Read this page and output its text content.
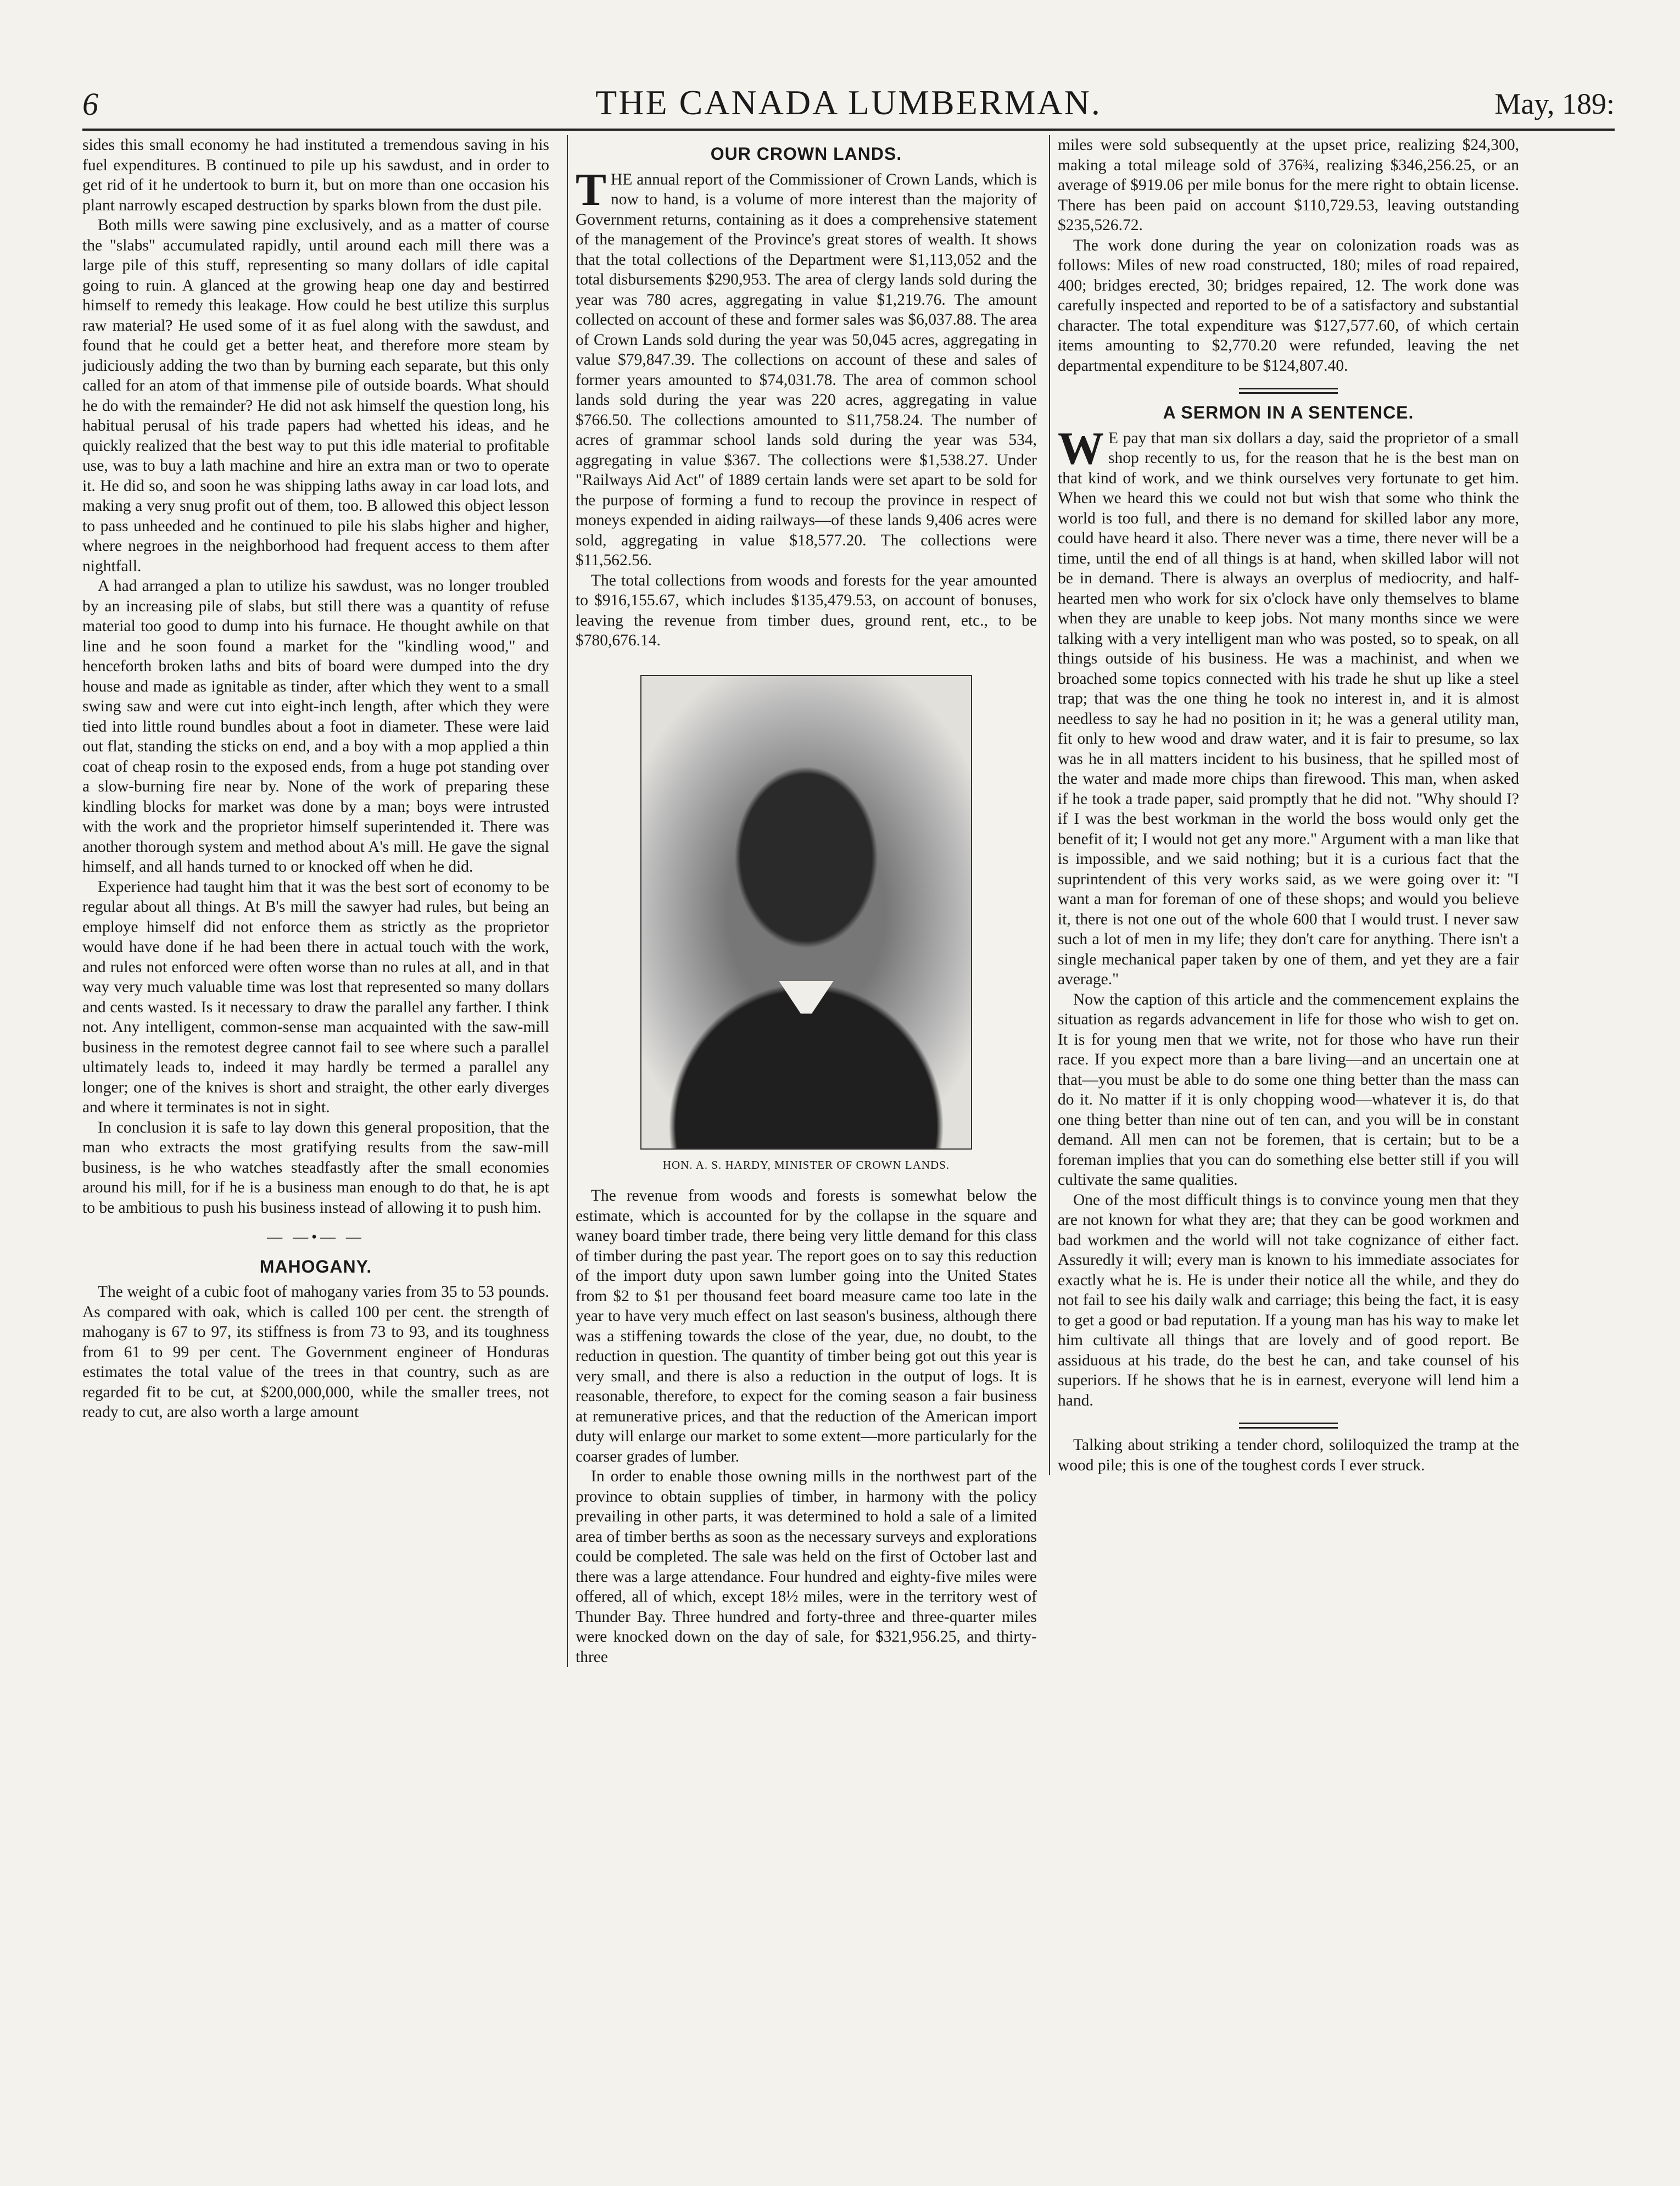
6	THE CANADA LUMBERMAN.	May, 189:

sides this small economy he had instituted a tremendous saving in his fuel expenditures. B continued to pile up his sawdust, and in order to get rid of it he undertook to burn it, but on more than one occasion his plant narrowly escaped destruction by sparks blown from the dust pile.

Both mills were sawing pine exclusively, and as a matter of course the "slabs" accumulated rapidly, until around each mill there was a large pile of this stuff, representing so many dollars of idle capital going to ruin. A glanced at the growing heap one day and bestirred himself to remedy this leakage. How could he best utilize this surplus raw material? He used some of it as fuel along with the sawdust, and found that he could get a better heat, and therefore more steam by judiciously adding the two than by burning each separate, but this only called for an atom of that immense pile of outside boards. What should he do with the remainder? He did not ask himself the question long, his habitual perusal of his trade papers had whetted his ideas, and he quickly realized that the best way to put this idle material to profitable use, was to buy a lath machine and hire an extra man or two to operate it. He did so, and soon he was shipping laths away in car load lots, and making a very snug profit out of them, too. B allowed this object lesson to pass unheeded and he continued to pile his slabs higher and higher, where negroes in the neighborhood had frequent access to them after nightfall.

A had arranged a plan to utilize his sawdust, was no longer troubled by an increasing pile of slabs, but still there was a quantity of refuse material too good to dump into his furnace. He thought awhile on that line and he soon found a market for the "kindling wood," and henceforth broken laths and bits of board were dumped into the dry house and made as ignitable as tinder, after which they went to a small swing saw and were cut into eight-inch length, after which they were tied into little round bundles about a foot in diameter. These were laid out flat, standing the sticks on end, and a boy with a mop applied a thin coat of cheap rosin to the exposed ends, from a huge pot standing over a slow-burning fire near by. None of the work of preparing these kindling blocks for market was done by a man; boys were intrusted with the work and the proprietor himself superintended it. There was another thorough system and method about A's mill. He gave the signal himself, and all hands turned to or knocked off when he did.

Experience had taught him that it was the best sort of economy to be regular about all things. At B's mill the sawyer had rules, but being an employe himself did not enforce them as strictly as the proprietor would have done if he had been there in actual touch with the work, and rules not enforced were often worse than no rules at all, and in that way very much valuable time was lost that represented so many dollars and cents wasted. Is it necessary to draw the parallel any farther. I think not. Any intelligent, common-sense man acquainted with the saw-mill business in the remotest degree cannot fail to see where such a parallel ultimately leads to, indeed it may hardly be termed a parallel any longer; one of the knives is short and straight, the other early diverges and where it terminates is not in sight.

In conclusion it is safe to lay down this general proposition, that the man who extracts the most gratifying results from the saw-mill business, is he who watches steadfastly after the small economies around his mill, for if he is a business man enough to do that, he is apt to be ambitious to push his business instead of allowing it to push him.

— —•— —
MAHOGANY.

The weight of a cubic foot of mahogany varies from 35 to 53 pounds. As compared with oak, which is called 100 per cent. the strength of mahogany is 67 to 97, its stiffness is from 73 to 93, and its toughness from 61 to 99 per cent. The Government engineer of Honduras estimates the total value of the trees in that country, such as are regarded fit to be cut, at $200,000,000, while the smaller trees, not ready to cut, are also worth a large amount

OUR CROWN LANDS.

THE annual report of the Commissioner of Crown Lands, which is now to hand, is a volume of more interest than the majority of Government returns, containing as it does a comprehensive statement of the management of the Province's great stores of wealth. It shows that the total collections of the Department were $1,113,052 and the total disbursements $290,953. The area of clergy lands sold during the year was 780 acres, aggregating in value $1,219.76. The amount collected on account of these and former sales was $6,037.88. The area of Crown Lands sold during the year was 50,045 acres, aggregating in value $79,847.39. The collections on account of these and sales of former years amounted to $74,031.78. The area of common school lands sold during the year was 220 acres, aggregating in value $766.50. The collections amounted to $11,758.24. The number of acres of grammar school lands sold during the year was 534, aggregating in value $367. The collections were $1,538.27. Under "Railways Aid Act" of 1889 certain lands were set apart to be sold for the purpose of forming a fund to recoup the province in respect of moneys expended in aiding railways—of these lands 9,406 acres were sold, aggregating in value $18,577.20. The collections were $11,562.56.

The total collections from woods and forests for the year amounted to $916,155.67, which includes $135,479.53, on account of bonuses, leaving the revenue from timber dues, ground rent, etc., to be $780,676.14.

HON. A. S. HARDY, MINISTER OF CROWN LANDS.

The revenue from woods and forests is somewhat below the estimate, which is accounted for by the collapse in the square and waney board timber trade, there being very little demand for this class of timber during the past year. The report goes on to say this reduction of the import duty upon sawn lumber going into the United States from $2 to $1 per thousand feet board measure came too late in the year to have very much effect on last season's business, although there was a stiffening towards the close of the year, due, no doubt, to the reduction in question. The quantity of timber being got out this year is very small, and there is also a reduction in the output of logs. It is reasonable, therefore, to expect for the coming season a fair business at remunerative prices, and that the reduction of the American import duty will enlarge our market to some extent—more particularly for the coarser grades of lumber.

In order to enable those owning mills in the northwest part of the province to obtain supplies of timber, in harmony with the policy prevailing in other parts, it was determined to hold a sale of a limited area of timber berths as soon as the necessary surveys and explorations could be completed. The sale was held on the first of October last and there was a large attendance. Four hundred and eighty-five miles were offered, all of which, except 18½ miles, were in the territory west of Thunder Bay. Three hundred and forty-three and three-quarter miles were knocked down on the day of sale, for $321,956.25, and thirty-three

miles were sold subsequently at the upset price, realizing $24,300, making a total mileage sold of 376¾, realizing $346,256.25, or an average of $919.06 per mile bonus for the mere right to obtain license. There has been paid on account $110,729.53, leaving outstanding $235,526.72.

The work done during the year on colonization roads was as follows: Miles of new road constructed, 180; miles of road repaired, 400; bridges erected, 30; bridges repaired, 12. The work done was carefully inspected and reported to be of a satisfactory and substantial character. The total expenditure was $127,577.60, of which certain items amounting to $2,770.20 were refunded, leaving the net departmental expenditure to be $124,807.40.

A SERMON IN A SENTENCE.

W E pay that man six dollars a day, said the proprietor of a small shop recently to us, for the reason that he is the best man on that kind of work, and we think ourselves very fortunate to get him. When we heard this we could not but wish that some who think the world is too full, and there is no demand for skilled labor any more, could have heard it also. There never was a time, there never will be a time, until the end of all things is at hand, when skilled labor will not be in demand. There is always an overplus of mediocrity, and half-hearted men who work for six o'clock have only themselves to blame when they are unable to keep jobs. Not many months since we were talking with a very intelligent man who was posted, so to speak, on all things outside of his business. He was a machinist, and when we broached some topics connected with his trade he shut up like a steel trap; that was the one thing he took no interest in, and it is almost needless to say he had no position in it; he was a general utility man, fit only to hew wood and draw water, and it is fair to presume, so lax was he in all matters incident to his business, that he spilled most of the water and made more chips than firewood. This man, when asked if he took a trade paper, said promptly that he did not. "Why should I? if I was the best workman in the world the boss would only get the benefit of it; I would not get any more." Argument with a man like that is impossible, and we said nothing; but it is a curious fact that the suprintendent of this very works said, as we were going over it: "I want a man for foreman of one of these shops; and would you believe it, there is not one out of the whole 600 that I would trust. I never saw such a lot of men in my life; they don't care for anything. There isn't a single mechanical paper taken by one of them, and yet they are a fair average."

Now the caption of this article and the commencement explains the situation as regards advancement in life for those who wish to get on. It is for young men that we write, not for those who have run their race. If you expect more than a bare living—and an uncertain one at that—you must be able to do some one thing better than the mass can do it. No matter if it is only chopping wood—whatever it is, do that one thing better than nine out of ten can, and you will be in constant demand. All men can not be foremen, that is certain; but to be a foreman implies that you can do something else better still if you will cultivate the same qualities.

One of the most difficult things is to convince young men that they are not known for what they are; that they can be good workmen and bad workmen and the world will not take cognizance of either fact. Assuredly it will; every man is known to his immediate associates for exactly what he is. He is under their notice all the while, and they do not fail to see his daily walk and carriage; this being the fact, it is easy to get a good or bad reputation. If a young man has his way to make let him cultivate all things that are lovely and of good report. Be assiduous at his trade, do the best he can, and take counsel of his superiors. If he shows that he is in earnest, everyone will lend him a hand.

Talking about striking a tender chord, soliloquized the tramp at the wood pile; this is one of the toughest cords I ever struck.
